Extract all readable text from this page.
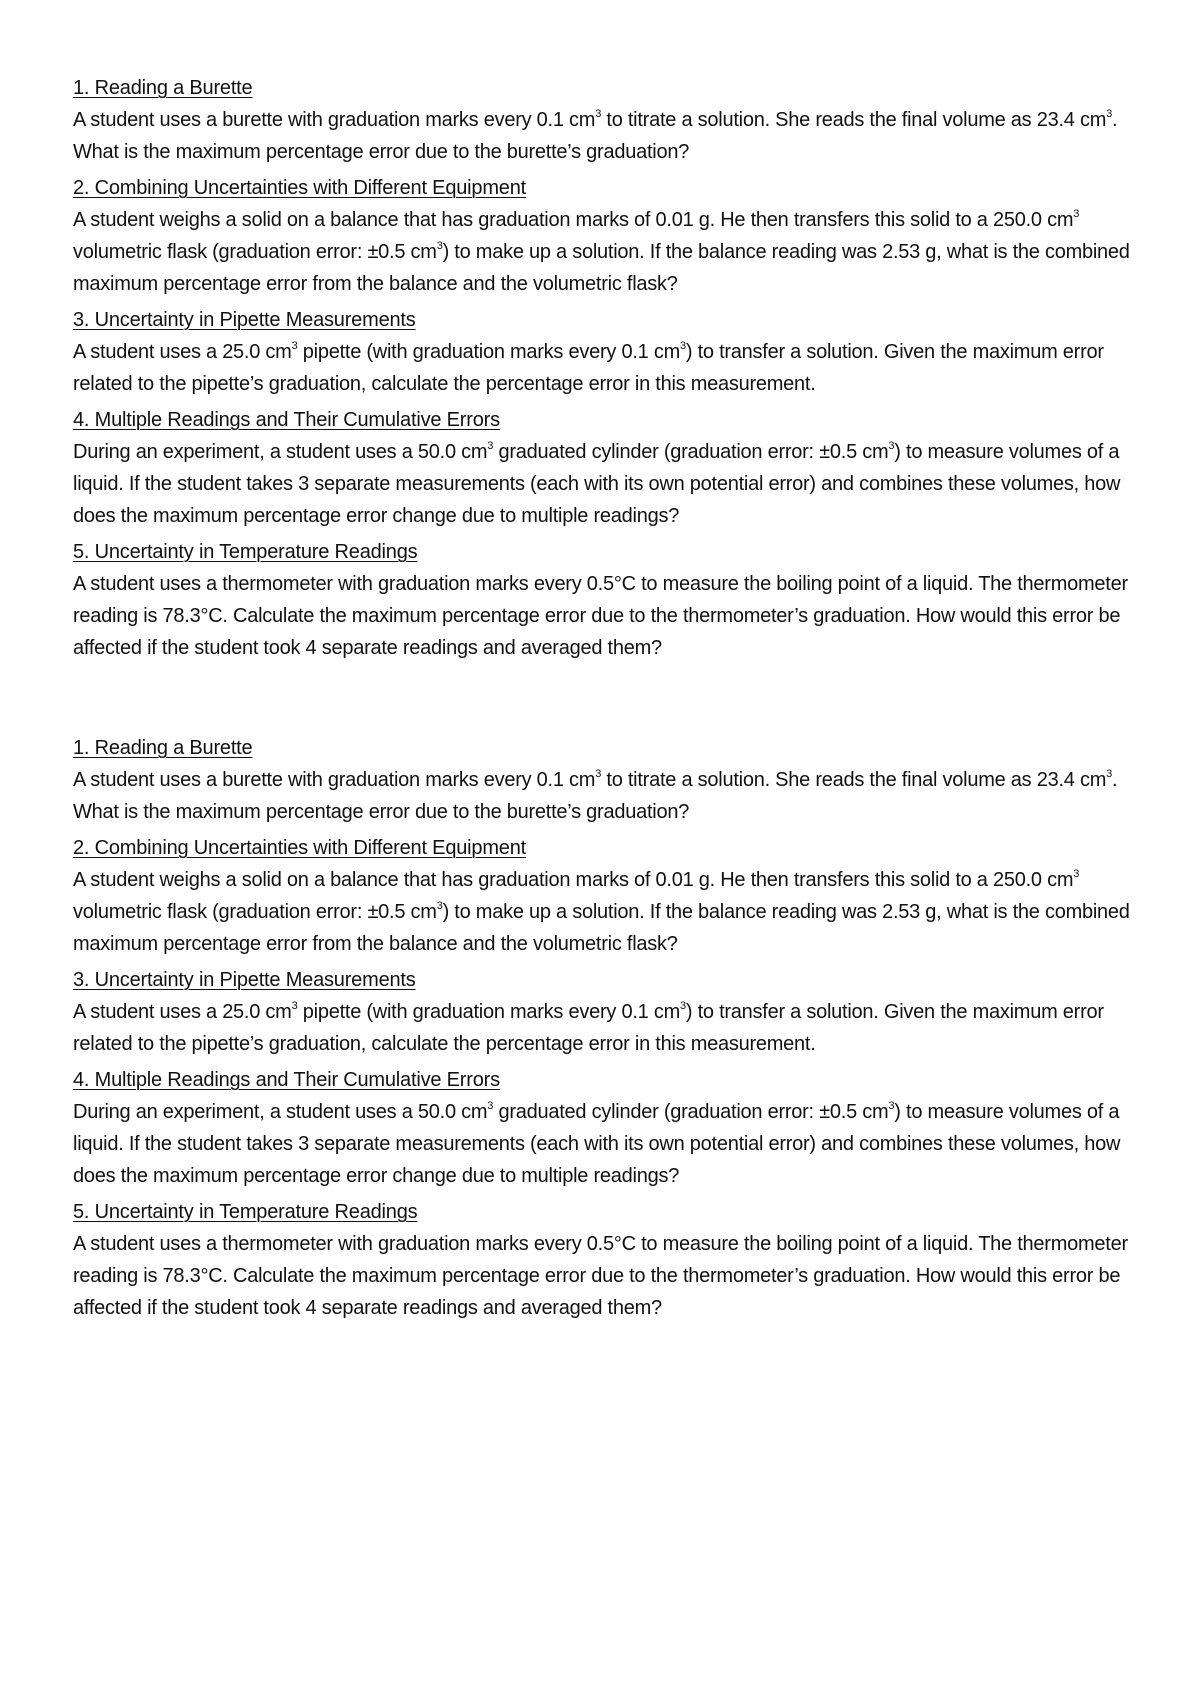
1. Reading a Burette

A student uses a burette with graduation marks every 0.1 $cm^3$ to titrate a solution. She reads the final volume as 23.4 $cm^3$. What is the maximum percentage error due to the burette’s graduation?

2. Combining Uncertainties with Different Equipment

A student weighs a solid on a balance that has graduation marks of 0.01 g. He then transfers this solid to a 250.0 $cm^3$ volumetric flask (graduation error: ±0.5 $cm^3$) to make up a solution. If the balance reading was 2.53 g, what is the combined maximum percentage error from the balance and the volumetric flask?

3. Uncertainty in Pipette Measurements

A student uses a 25.0 $cm^3$ pipette (with graduation marks every 0.1 $cm^3$) to transfer a solution. Given the maximum error related to the pipette’s graduation, calculate the percentage error in this measurement.

4. Multiple Readings and Their Cumulative Errors

During an experiment, a student uses a 50.0 $cm^3$ graduated cylinder (graduation error: ±0.5 $cm^3$) to measure volumes of a liquid. If the student takes 3 separate measurements (each with its own potential error) and combines these volumes, how does the maximum percentage error change due to multiple readings?

5. Uncertainty in Temperature Readings

A student uses a thermometer with graduation marks every 0.5°C to measure the boiling point of a liquid. The thermometer reading is 78.3°C. Calculate the maximum percentage error due to the thermometer’s graduation. How would this error be affected if the student took 4 separate readings and averaged them?

1. Reading a Burette

A student uses a burette with graduation marks every 0.1 $cm^3$ to titrate a solution. She reads the final volume as 23.4 $cm^3$. What is the maximum percentage error due to the burette’s graduation?

2. Combining Uncertainties with Different Equipment

A student weighs a solid on a balance that has graduation marks of 0.01 g. He then transfers this solid to a 250.0 $cm^3$ volumetric flask (graduation error: ±0.5 $cm^3$) to make up a solution. If the balance reading was 2.53 g, what is the combined maximum percentage error from the balance and the volumetric flask?

3. Uncertainty in Pipette Measurements

A student uses a 25.0 $cm^3$ pipette (with graduation marks every 0.1 $cm^3$) to transfer a solution. Given the maximum error related to the pipette’s graduation, calculate the percentage error in this measurement.

4. Multiple Readings and Their Cumulative Errors

During an experiment, a student uses a 50.0 $cm^3$ graduated cylinder (graduation error: ±0.5 $cm^3$) to measure volumes of a liquid. If the student takes 3 separate measurements (each with its own potential error) and combines these volumes, how does the maximum percentage error change due to multiple readings?

5. Uncertainty in Temperature Readings

A student uses a thermometer with graduation marks every 0.5°C to measure the boiling point of a liquid. The thermometer reading is 78.3°C. Calculate the maximum percentage error due to the thermometer’s graduation. How would this error be affected if the student took 4 separate readings and averaged them?
